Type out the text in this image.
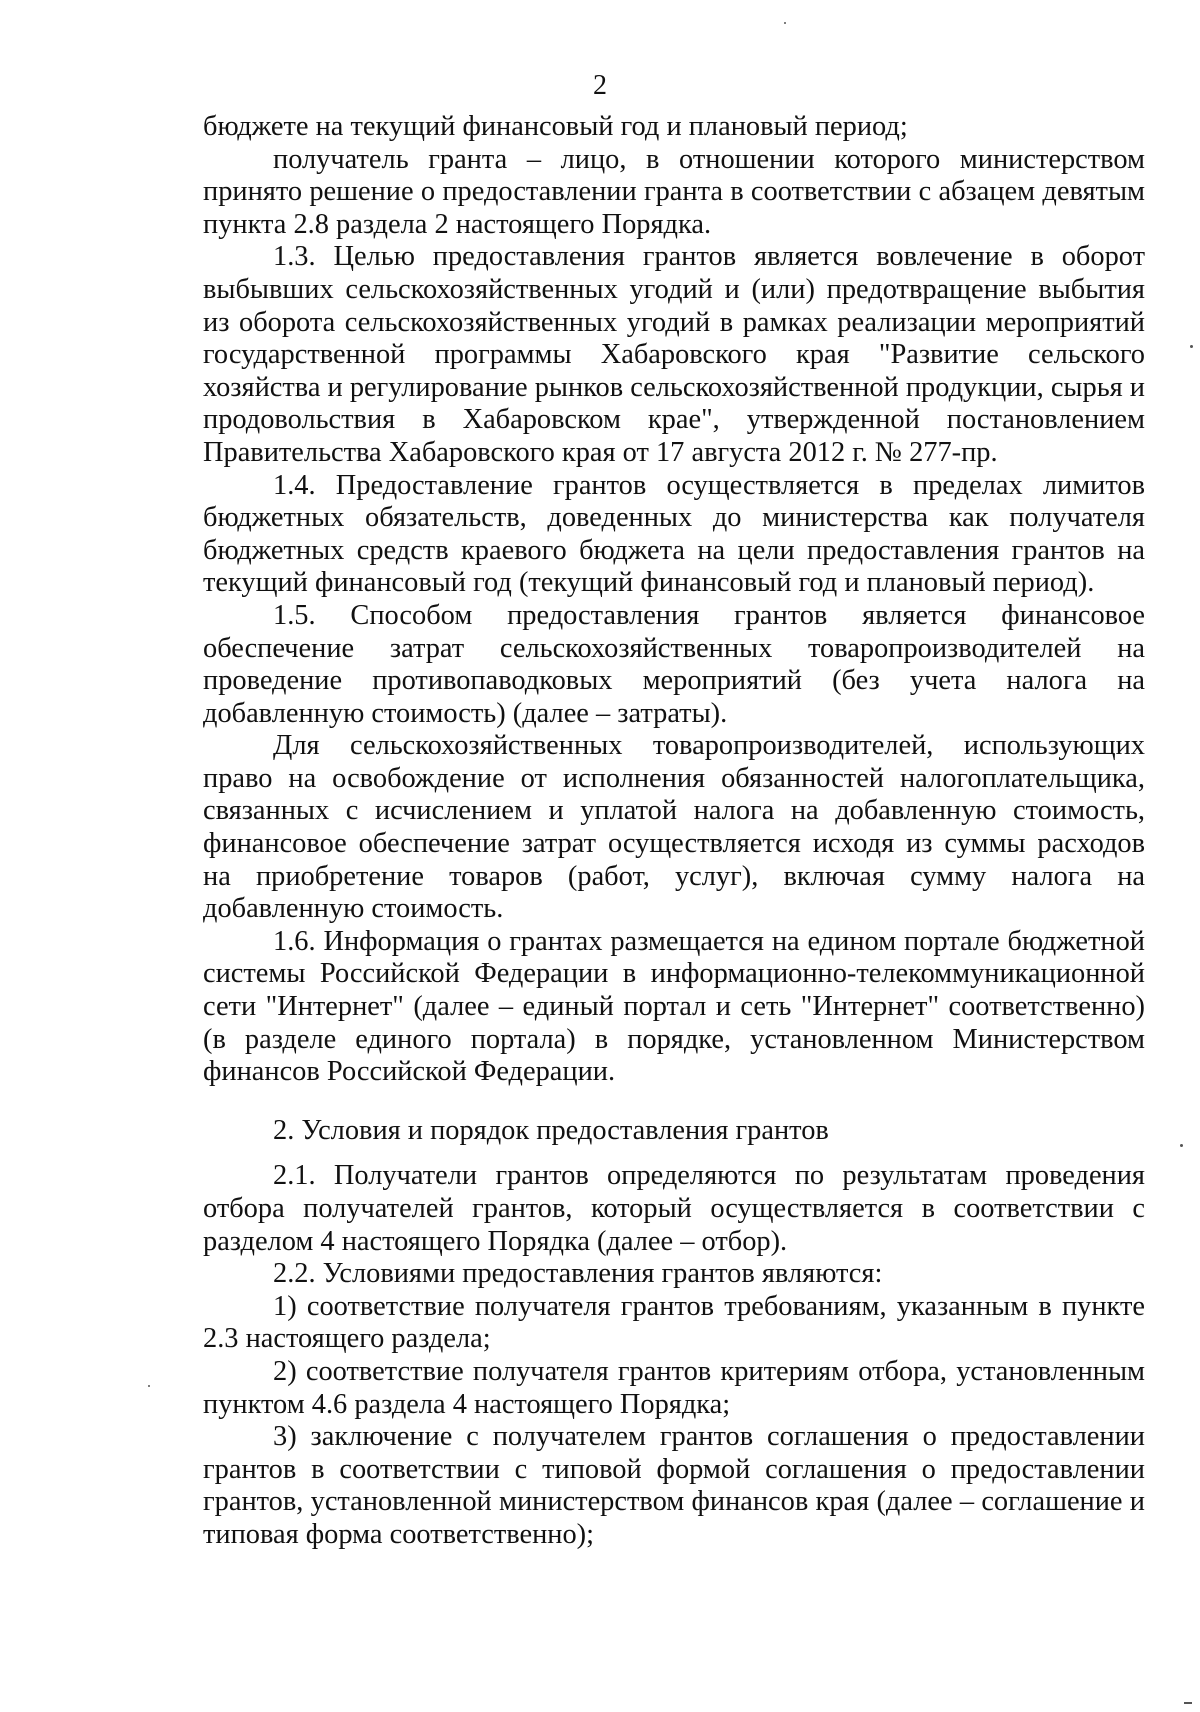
2

бюджете на текущий финансовый год и плановый период;

получатель гранта – лицо, в отношении которого министерством принято решение о предоставлении гранта в соответствии с абзацем девятым пункта 2.8 раздела 2 настоящего Порядка.

1.3. Целью предоставления грантов является вовлечение в оборот выбывших сельскохозяйственных угодий и (или) предотвращение выбытия из оборота сельскохозяйственных угодий в рамках реализации мероприятий государственной программы Хабаровского края "Развитие сельского хозяйства и регулирование рынков сельскохозяйственной продукции, сырья и продовольствия в Хабаровском крае", утвержденной постановлением Правительства Хабаровского края от 17 августа 2012 г. № 277-пр.

1.4. Предоставление грантов осуществляется в пределах лимитов бюджетных обязательств, доведенных до министерства как получателя бюджетных средств краевого бюджета на цели предоставления грантов на текущий финансовый год (текущий финансовый год и плановый период).

1.5. Способом предоставления грантов является финансовое обеспечение затрат сельскохозяйственных товаропроизводителей на проведение противопаводковых мероприятий (без учета налога на добавленную стоимость) (далее – затраты).

Для сельскохозяйственных товаропроизводителей, использующих право на освобождение от исполнения обязанностей налогоплательщика, связанных с исчислением и уплатой налога на добавленную стоимость, финансовое обеспечение затрат осуществляется исходя из суммы расходов на приобретение товаров (работ, услуг), включая сумму налога на добавленную стоимость.

1.6. Информация о грантах размещается на едином портале бюджетной системы Российской Федерации в информационно-телекоммуникационной сети "Интернет" (далее – единый портал и сеть "Интернет" соответственно) (в разделе единого портала) в порядке, установленном Министерством финансов Российской Федерации.

2. Условия и порядок предоставления грантов

2.1. Получатели грантов определяются по результатам проведения отбора получателей грантов, который осуществляется в соответствии с разделом 4 настоящего Порядка (далее – отбор).

2.2. Условиями предоставления грантов являются:

1) соответствие получателя грантов требованиям, указанным в пункте 2.3 настоящего раздела;

2) соответствие получателя грантов критериям отбора, установленным пунктом 4.6 раздела 4 настоящего Порядка;

3) заключение с получателем грантов соглашения о предоставлении грантов в соответствии с типовой формой соглашения о предоставлении грантов, установленной министерством финансов края (далее – соглашение и типовая форма соответственно);
